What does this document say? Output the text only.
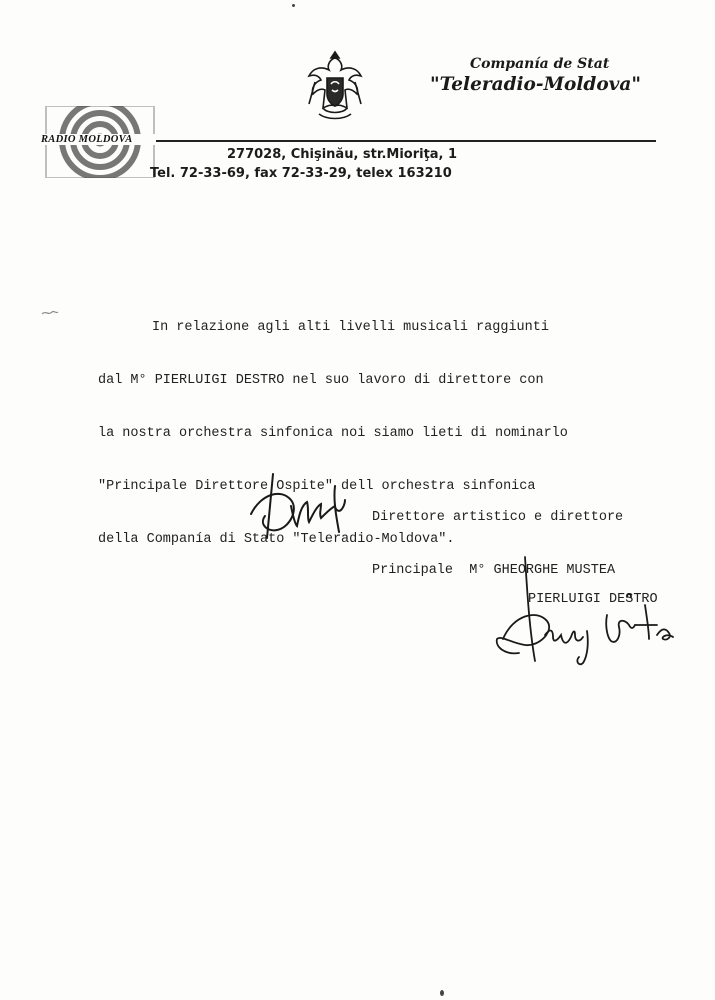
Companía de Stat
"Teleradio-Moldova"
RADIO MOLDOVA
277028, Chişinău, str.Mioriţa, 1
Tel. 72-33-69, fax 72-33-29, telex 163210

In relazione agli alti livelli musicali raggiunti

dal M° PIERLUIGI DESTRO nel suo lavoro di direttore con

la nostra orchestra sinfonica noi siamo lieti di nominarlo

"Principale Direttore Ospite" dell orchestra sinfonica

della Companía di Stato "Teleradio-Moldova".

Direttore artistico e direttore

Principale  M° GHEORGHE MUSTEA

PIERLUIGI DESTRO
